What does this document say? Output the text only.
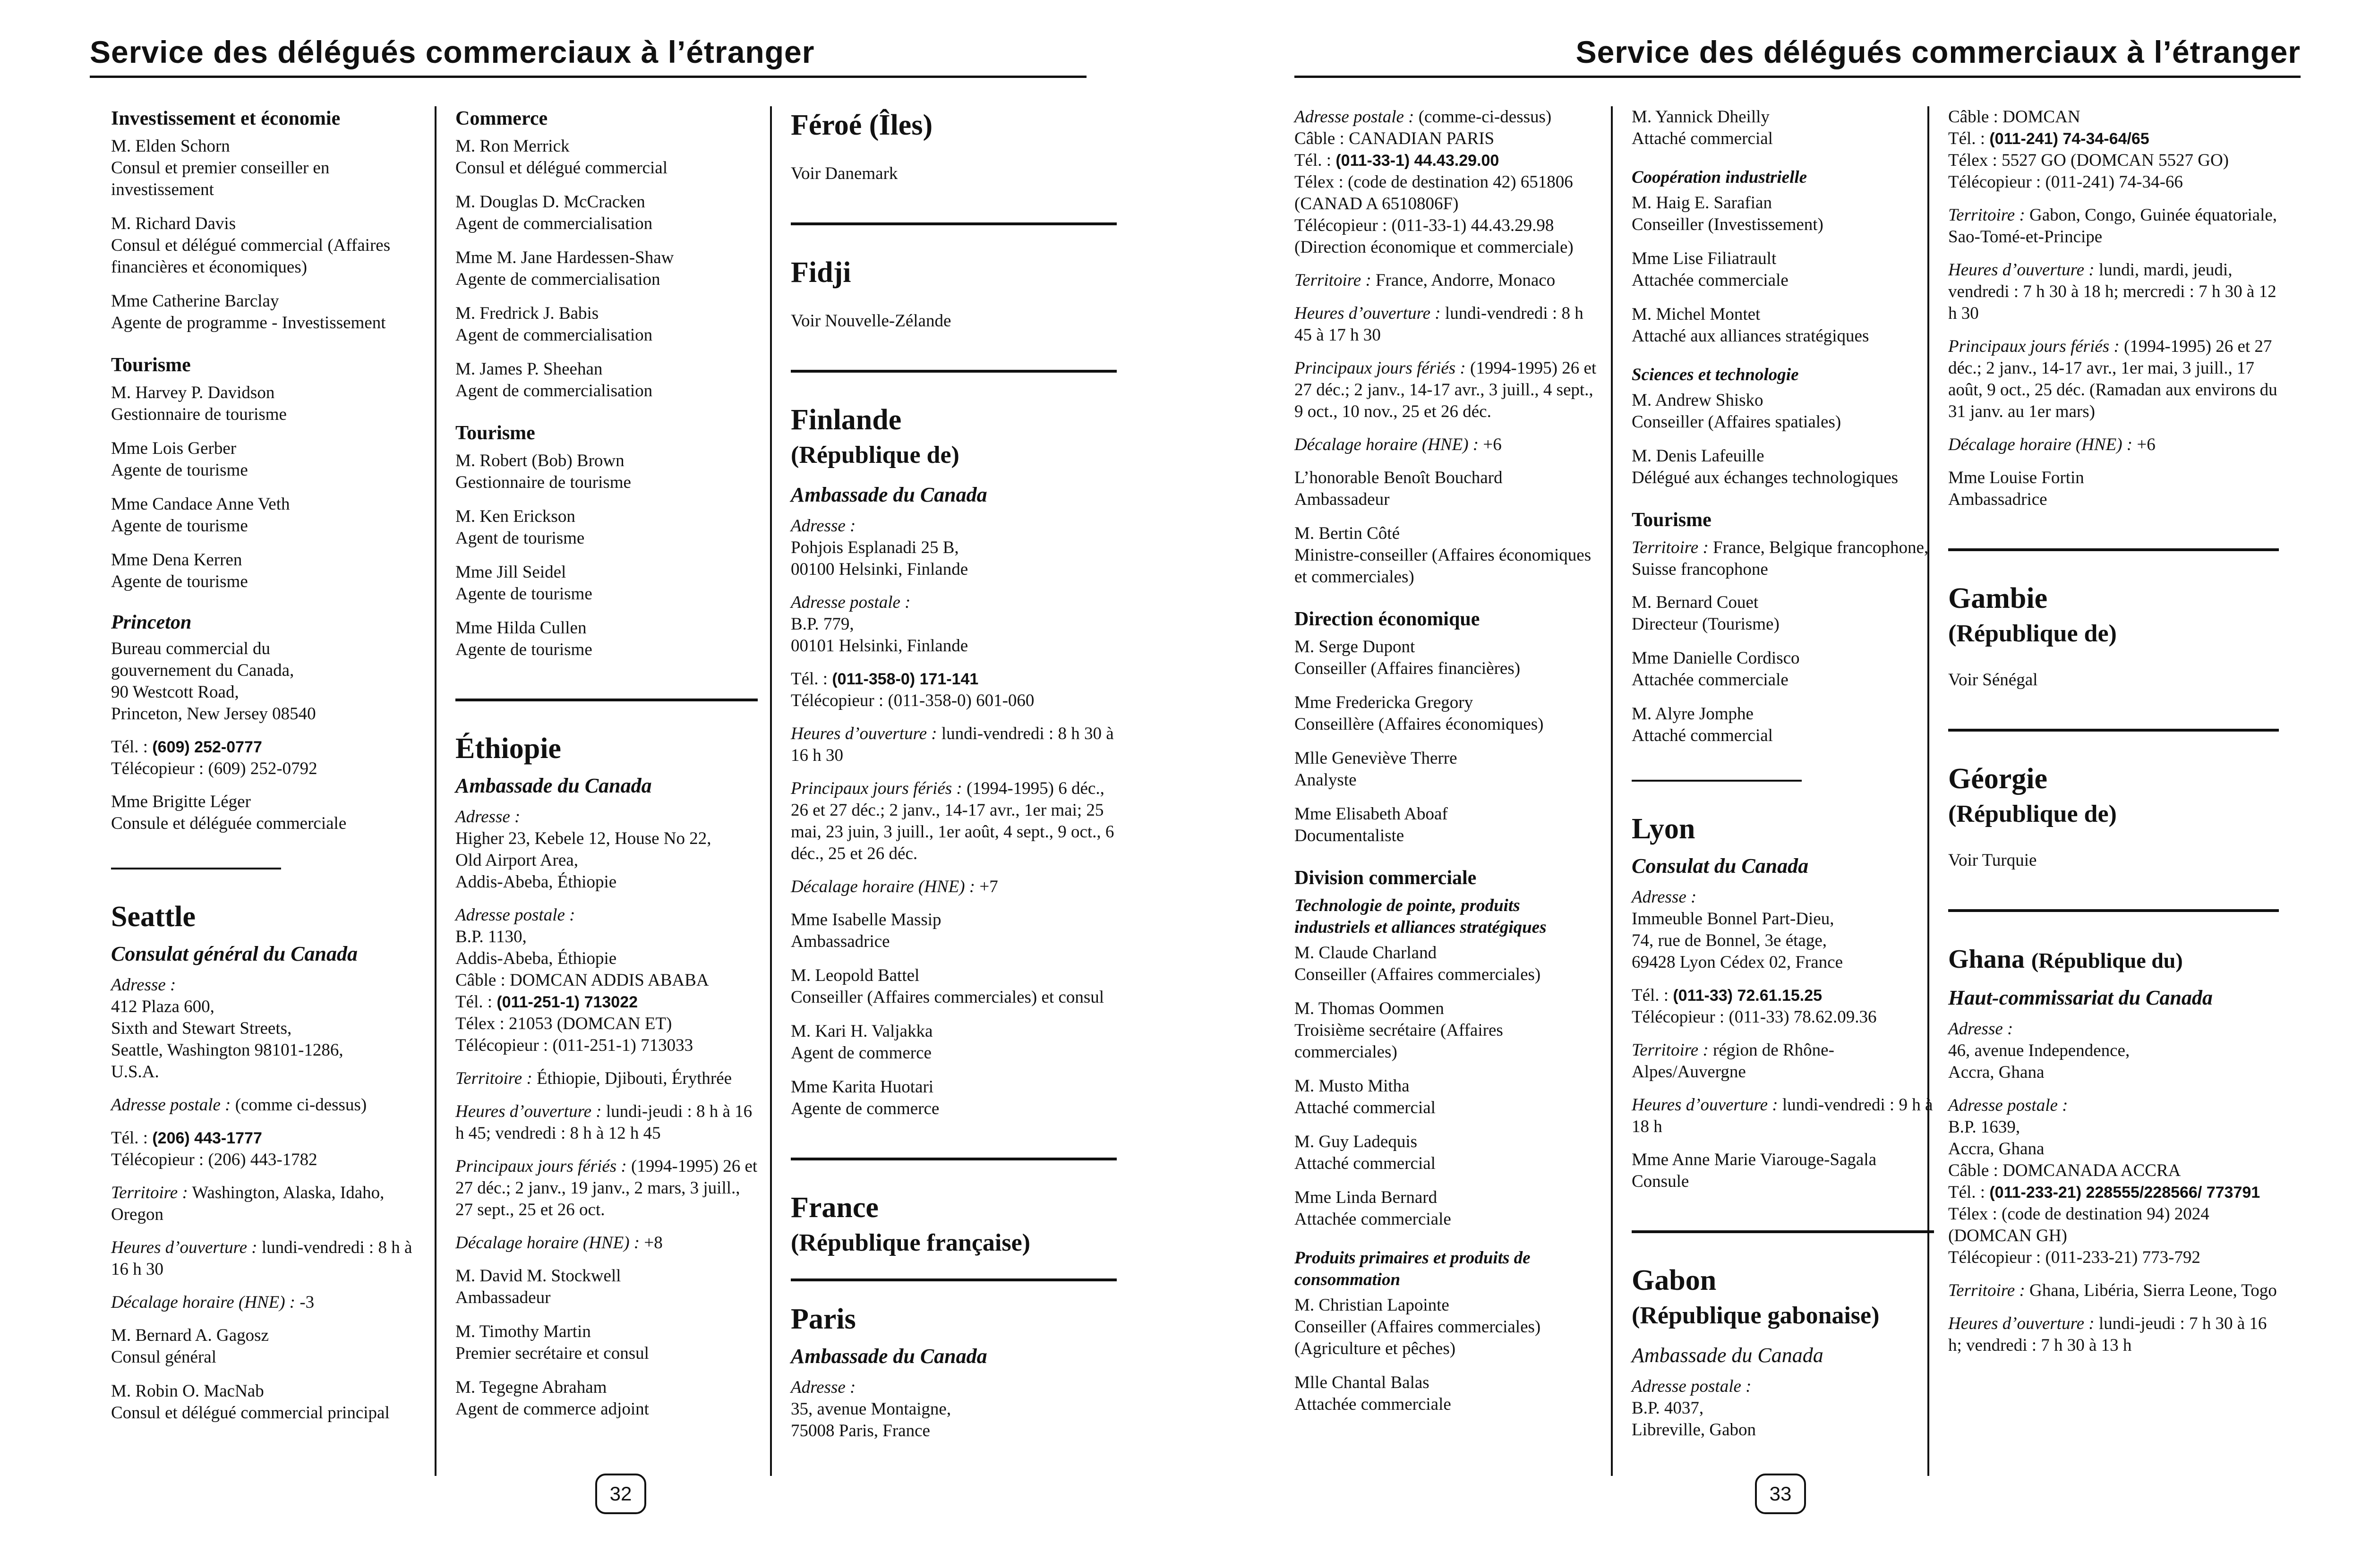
Service des délégués commerciaux à l’étranger
Investissement et économie
M. Elden Schorn
Consul et premier conseiller en investissement
M. Richard Davis
Consul et délégué commercial (Affaires financières et économiques)
Mme Catherine Barclay
Agente de programme - Investissement
Tourisme
M. Harvey P. Davidson
Gestionnaire de tourisme
Mme Lois Gerber
Agente de tourisme
Mme Candace Anne Veth
Agente de tourisme
Mme Dena Kerren
Agente de tourisme
Princeton
Bureau commercial du
gouvernement du Canada,
90 Westcott Road,
Princeton, New Jersey 08540
Tél. : (609) 252-0777
Télécopieur : (609) 252-0792
Mme Brigitte Léger
Consule et déléguée commerciale
Seattle
Consulat général du Canada
Adresse :
412 Plaza 600,
Sixth and Stewart Streets,
Seattle, Washington 98101-1286,
U.S.A.
Adresse postale : (comme ci-dessus)
Tél. : (206) 443-1777
Télécopieur : (206) 443-1782
Territoire : Washington, Alaska, Idaho, Oregon
Heures d’ouverture : lundi-vendredi : 8 h à 16 h 30
Décalage horaire (HNE) : -3
M. Bernard A. Gagosz
Consul général
M. Robin O. MacNab
Consul et délégué commercial principal
Commerce
M. Ron Merrick
Consul et délégué commercial
M. Douglas D. McCracken
Agent de commercialisation
Mme M. Jane Hardessen-Shaw
Agente de commercialisation
M. Fredrick J. Babis
Agent de commercialisation
M. James P. Sheehan
Agent de commercialisation
Tourisme
M. Robert (Bob) Brown
Gestionnaire de tourisme
M. Ken Erickson
Agent de tourisme
Mme Jill Seidel
Agente de tourisme
Mme Hilda Cullen
Agente de tourisme
Éthiopie
Ambassade du Canada
Adresse :
Higher 23, Kebele 12, House No 22,
Old Airport Area,
Addis-Abeba, Éthiopie
Adresse postale :
B.P. 1130,
Addis-Abeba, Éthiopie
Câble : DOMCAN ADDIS ABABA
Tél. : (011-251-1) 713022
Télex : 21053 (DOMCAN ET)
Télécopieur : (011-251-1) 713033
Territoire : Éthiopie, Djibouti, Érythrée
Heures d’ouverture : lundi-jeudi : 8 h à 16 h 45; vendredi : 8 h à 12 h 45
Principaux jours fériés : (1994-1995) 26 et 27 déc.; 2 janv., 19 janv., 2 mars, 3 juill., 27 sept., 25 et 26 oct.
Décalage horaire (HNE) : +8
M. David M. Stockwell
Ambassadeur
M. Timothy Martin
Premier secrétaire et consul
M. Tegegne Abraham
Agent de commerce adjoint
Féroé (Îles)
Voir Danemark
Fidji
Voir Nouvelle-Zélande
Finlande
(République de)
Ambassade du Canada
Adresse :
Pohjois Esplanadi 25 B,
00100 Helsinki, Finlande
Adresse postale :
B.P. 779,
00101 Helsinki, Finlande
Tél. : (011-358-0) 171-141
Télécopieur : (011-358-0) 601-060
Heures d’ouverture : lundi-vendredi : 8 h 30 à 16 h 30
Principaux jours fériés : (1994-1995) 6 déc., 26 et 27 déc.; 2 janv., 14-17 avr., 1er mai; 25 mai, 23 juin, 3 juill., 1er août, 4 sept., 9 oct., 6 déc., 25 et 26 déc.
Décalage horaire (HNE) : +7
Mme Isabelle Massip
Ambassadrice
M. Leopold Battel
Conseiller (Affaires commerciales) et consul
M. Kari H. Valjakka
Agent de commerce
Mme Karita Huotari
Agente de commerce
France
(République française)
Paris
Ambassade du Canada
Adresse :
35, avenue Montaigne,
75008 Paris, France
32
Service des délégués commerciaux à l’étranger
Adresse postale : (comme-ci-dessus)
Câble : CANADIAN PARIS
Tél. : (011-33-1) 44.43.29.00
Télex : (code de destination 42) 651806 (CANAD A 6510806F)
Télécopieur : (011-33-1) 44.43.29.98 (Direction économique et commerciale)
Territoire : France, Andorre, Monaco
Heures d’ouverture : lundi-vendredi : 8 h 45 à 17 h 30
Principaux jours fériés : (1994-1995) 26 et 27 déc.; 2 janv., 14-17 avr., 3 juill., 4 sept., 9 oct., 10 nov., 25 et 26 déc.
Décalage horaire (HNE) : +6
L’honorable Benoît Bouchard
Ambassadeur
M. Bertin Côté
Ministre-conseiller (Affaires économiques et commerciales)
Direction économique
M. Serge Dupont
Conseiller (Affaires financières)
Mme Fredericka Gregory
Conseillère (Affaires économiques)
Mlle Geneviève Therre
Analyste
Mme Elisabeth Aboaf
Documentaliste
Division commerciale
Technologie de pointe, produits industriels et alliances stratégiques
M. Claude Charland
Conseiller (Affaires commerciales)
M. Thomas Oommen
Troisième secrétaire (Affaires commerciales)
M. Musto Mitha
Attaché commercial
M. Guy Ladequis
Attaché commercial
Mme Linda Bernard
Attachée commerciale
Produits primaires et produits de consommation
M. Christian Lapointe
Conseiller (Affaires commerciales) (Agriculture et pêches)
Mlle Chantal Balas
Attachée commerciale
M. Yannick Dheilly
Attaché commercial
Coopération industrielle
M. Haig E. Sarafian
Conseiller (Investissement)
Mme Lise Filiatrault
Attachée commerciale
M. Michel Montet
Attaché aux alliances stratégiques
Sciences et technologie
M. Andrew Shisko
Conseiller (Affaires spatiales)
M. Denis Lafeuille
Délégué aux échanges technologiques
Tourisme
Territoire : France, Belgique francophone, Suisse francophone
M. Bernard Couet
Directeur (Tourisme)
Mme Danielle Cordisco
Attachée commerciale
M. Alyre Jomphe
Attaché commercial
Lyon
Consulat du Canada
Adresse :
Immeuble Bonnel Part-Dieu,
74, rue de Bonnel, 3e étage,
69428 Lyon Cédex 02, France
Tél. : (011-33) 72.61.15.25
Télécopieur : (011-33) 78.62.09.36
Territoire : région de Rhône-Alpes/Auvergne
Heures d’ouverture : lundi-vendredi : 9 h à 18 h
Mme Anne Marie Viarouge-Sagala
Consule
Gabon
(République gabonaise)
Ambassade du Canada
Adresse postale :
B.P. 4037,
Libreville, Gabon
Câble : DOMCAN
Tél. : (011-241) 74-34-64/65
Télex : 5527 GO (DOMCAN 5527 GO)
Télécopieur : (011-241) 74-34-66
Territoire : Gabon, Congo, Guinée équatoriale, Sao-Tomé-et-Principe
Heures d’ouverture : lundi, mardi, jeudi, vendredi : 7 h 30 à 18 h; mercredi : 7 h 30 à 12 h 30
Principaux jours fériés : (1994-1995) 26 et 27 déc.; 2 janv., 14-17 avr., 1er mai, 3 juill., 17 août, 9 oct., 25 déc. (Ramadan aux environs du 31 janv. au 1er mars)
Décalage horaire (HNE) : +6
Mme Louise Fortin
Ambassadrice
Gambie
(République de)
Voir Sénégal
Géorgie
(République de)
Voir Turquie
Ghana (République du)
Haut-commissariat du Canada
Adresse :
46, avenue Independence,
Accra, Ghana
Adresse postale :
B.P. 1639,
Accra, Ghana
Câble : DOMCANADA ACCRA
Tél. : (011-233-21) 228555/228566/ 773791
Télex : (code de destination 94) 2024 (DOMCAN GH)
Télécopieur : (011-233-21) 773-792
Territoire : Ghana, Libéria, Sierra Leone, Togo
Heures d’ouverture : lundi-jeudi : 7 h 30 à 16 h; vendredi : 7 h 30 à 13 h
33
